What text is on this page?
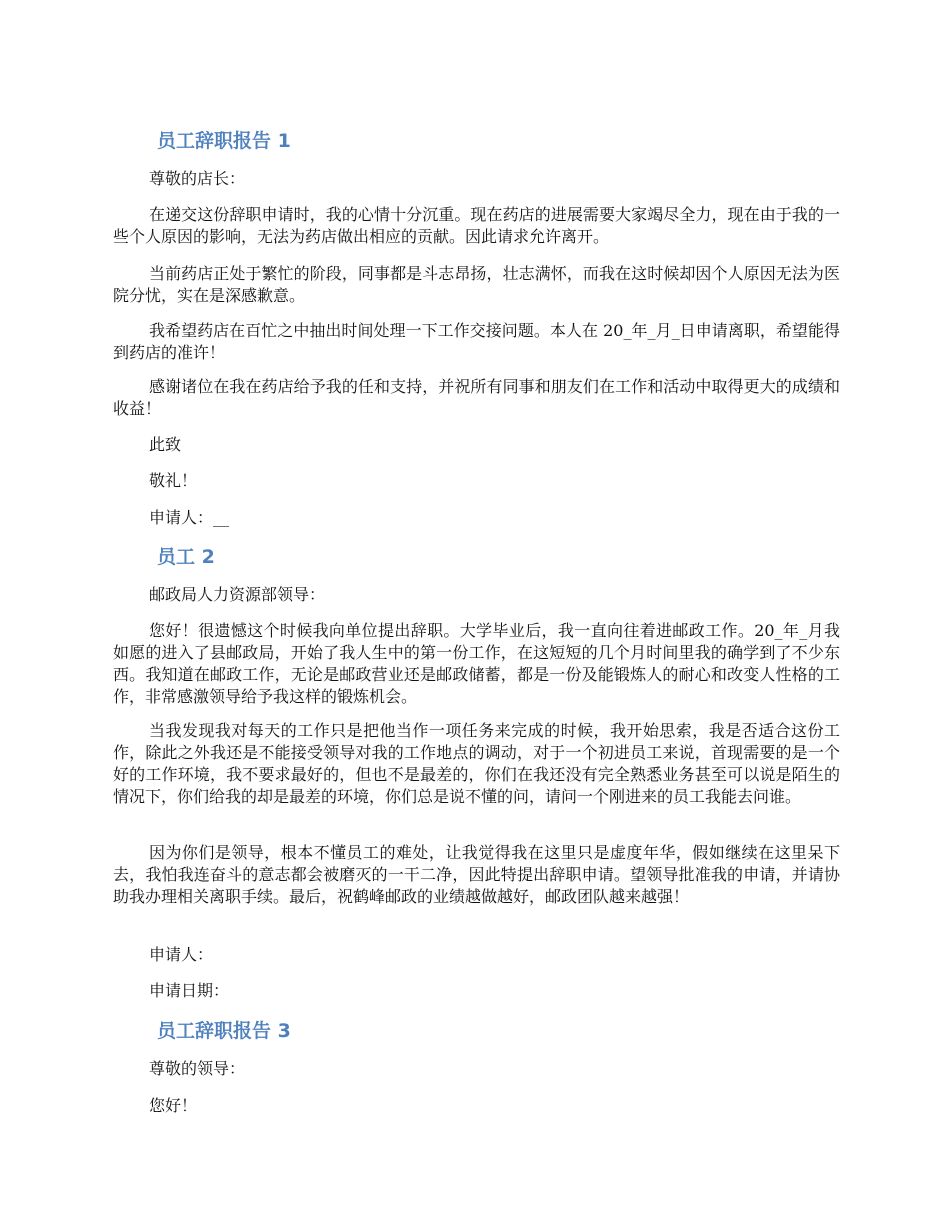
员工辞职报告 1

尊敬的店长：

在递交这份辞职申请时，我的心情十分沉重。现在药店的进展需要大家竭尽全力，现在由于我的一些个人原因的影响，无法为药店做出相应的贡献。因此请求允许离开。

当前药店正处于繁忙的阶段，同事都是斗志昂扬，壮志满怀，而我在这时候却因个人原因无法为医院分忧，实在是深感歉意。

我希望药店在百忙之中抽出时间处理一下工作交接问题。本人在 20_年_月_日申请离职，希望能得到药店的准许！

感谢诸位在我在药店给予我的任和支持，并祝所有同事和朋友们在工作和活动中取得更大的成绩和收益！

此致

敬礼！

申请人：__

员工 2

邮政局人力资源部领导：

您好！很遗憾这个时候我向单位提出辞职。大学毕业后，我一直向往着进邮政工作。20_年_月我如愿的进入了县邮政局，开始了我人生中的第一份工作，在这短短的几个月时间里我的确学到了不少东西。我知道在邮政工作，无论是邮政营业还是邮政储蓄，都是一份及能锻炼人的耐心和改变人性格的工作，非常感激领导给予我这样的锻炼机会。

当我发现我对每天的工作只是把他当作一项任务来完成的时候，我开始思索，我是否适合这份工作，除此之外我还是不能接受领导对我的工作地点的调动，对于一个初进员工来说，首现需要的是一个好的工作环境，我不要求最好的，但也不是最差的，你们在我还没有完全熟悉业务甚至可以说是陌生的情况下，你们给我的却是最差的环境，你们总是说不懂的问，请问一个刚进来的员工我能去问谁。

因为你们是领导，根本不懂员工的难处，让我觉得我在这里只是虚度年华，假如继续在这里呆下去，我怕我连奋斗的意志都会被磨灭的一干二净，因此特提出辞职申请。望领导批准我的申请，并请协助我办理相关离职手续。最后，祝鹤峰邮政的业绩越做越好，邮政团队越来越强！

申请人：

申请日期：

员工辞职报告 3

尊敬的领导：

您好！
